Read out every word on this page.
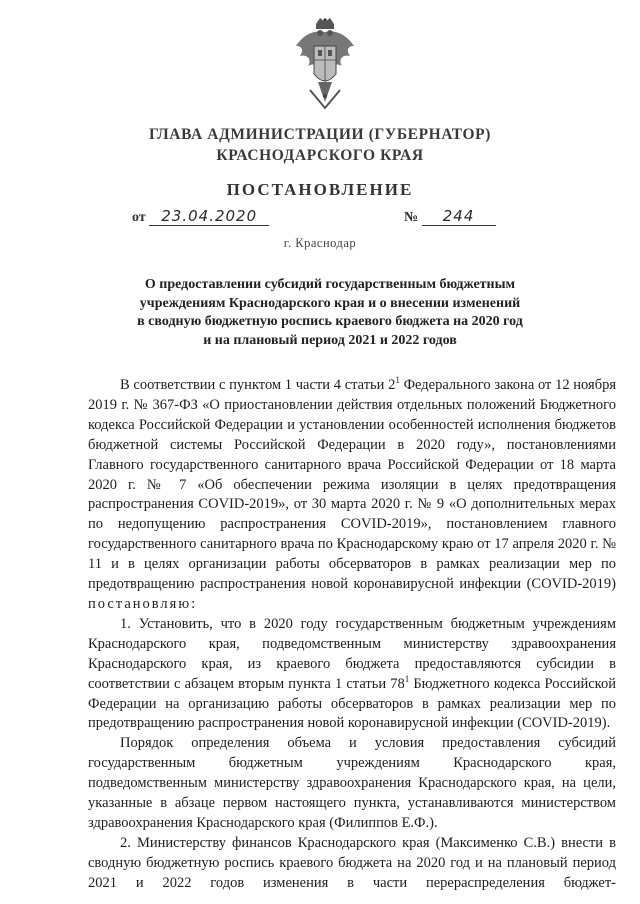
ГЛАВА АДМИНИСТРАЦИИ (ГУБЕРНАТОР)
КРАСНОДАРСКОГО КРАЯ
ПОСТАНОВЛЕНИЕ
от 23.04.2020	№ 244
г. Краснодар
О предоставлении субсидий государственным бюджетным
учреждениям Краснодарского края и о внесении изменений
в сводную бюджетную роспись краевого бюджета на 2020 год
и на плановый период 2021 и 2022 годов

В соответствии с пунктом 1 части 4 статьи $2^1$ Федерального закона от 12 ноября 2019 г. № 367-ФЗ «О приостановлении действия отдельных положений Бюджетного кодекса Российской Федерации и установлении особенностей исполнения бюджетов бюджетной системы Российской Федерации в 2020 году», постановлениями Главного государственного санитарного врача Российской Федерации от 18 марта 2020 г. № 7 «Об обеспечении режима изоляции в целях предотвращения распространения COVID-2019», от 30 марта 2020 г. № 9 «О дополнительных мерах по недопущению распространения COVID-2019», постановлением главного государственного санитарного врача по Краснодарскому краю от 17 апреля 2020 г. № 11 и в целях организации работы обсерваторов в рамках реализации мер по предотвращению распространения новой коронавирусной инфекции (COVID-2019) постановляю:

1. Установить, что в 2020 году государственным бюджетным учреждениям Краснодарского края, подведомственным министерству здравоохранения Краснодарского края, из краевого бюджета предоставляются субсидии в соответствии с абзацем вторым пункта 1 статьи $78^1$ Бюджетного кодекса Российской Федерации на организацию работы обсерваторов в рамках реализации мер по предотвращению распространения новой коронавирусной инфекции (COVID-2019).

Порядок определения объема и условия предоставления субсидий государственным бюджетным учреждениям Краснодарского края, подведомственным министерству здравоохранения Краснодарского края, на цели, указанные в абзаце первом настоящего пункта, устанавливаются министерством здравоохранения Краснодарского края (Филиппов Е.Ф.).

2. Министерству финансов Краснодарского края (Максименко С.В.) внести в сводную бюджетную роспись краевого бюджета на 2020 год и на плановый период 2021 и 2022 годов изменения в части перераспределения бюджет-
